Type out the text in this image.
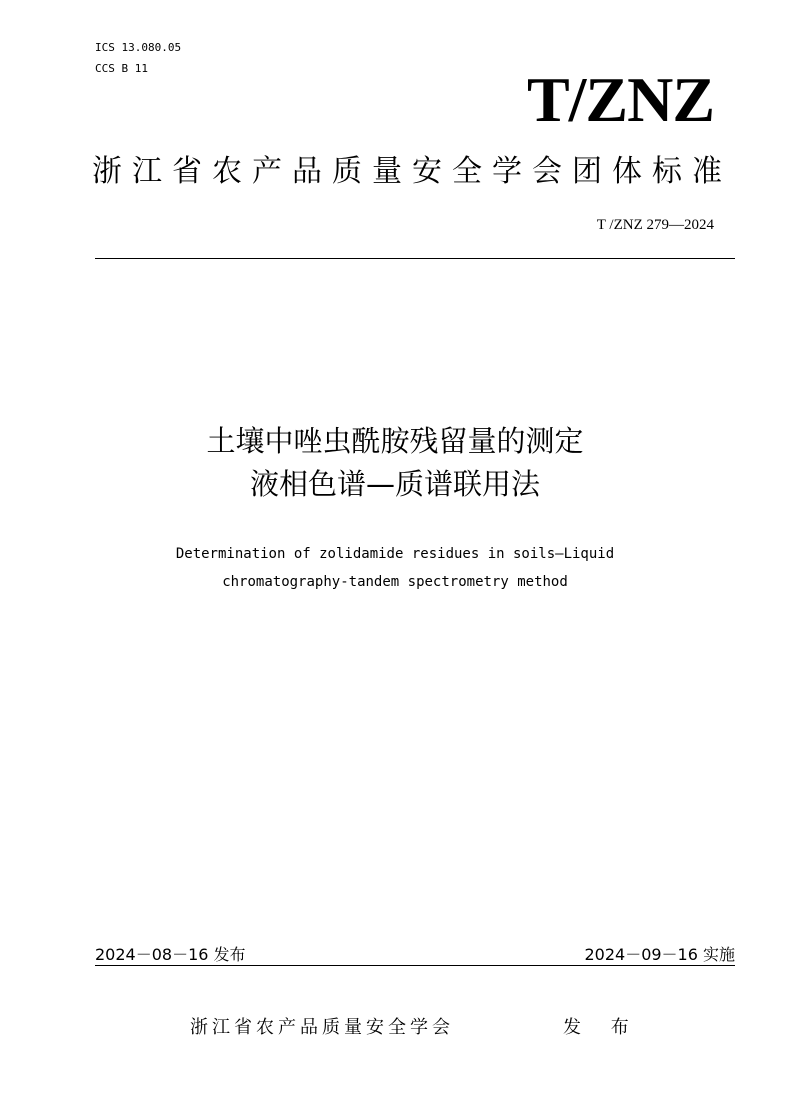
ICS 13.080.05
CCS B 11	T/ZNZ
浙江省农产品质量安全学会团体标准
T /ZNZ 279—2024
土壤中唑虫酰胺残留量的测定
液相色谱—质谱联用法
Determination of zolidamide residues in soils—Liquid
chromatography-tandem spectrometry method
2024－08－16 发布	2024－09－16 实施
浙江省农产品质量安全学会	发 布
